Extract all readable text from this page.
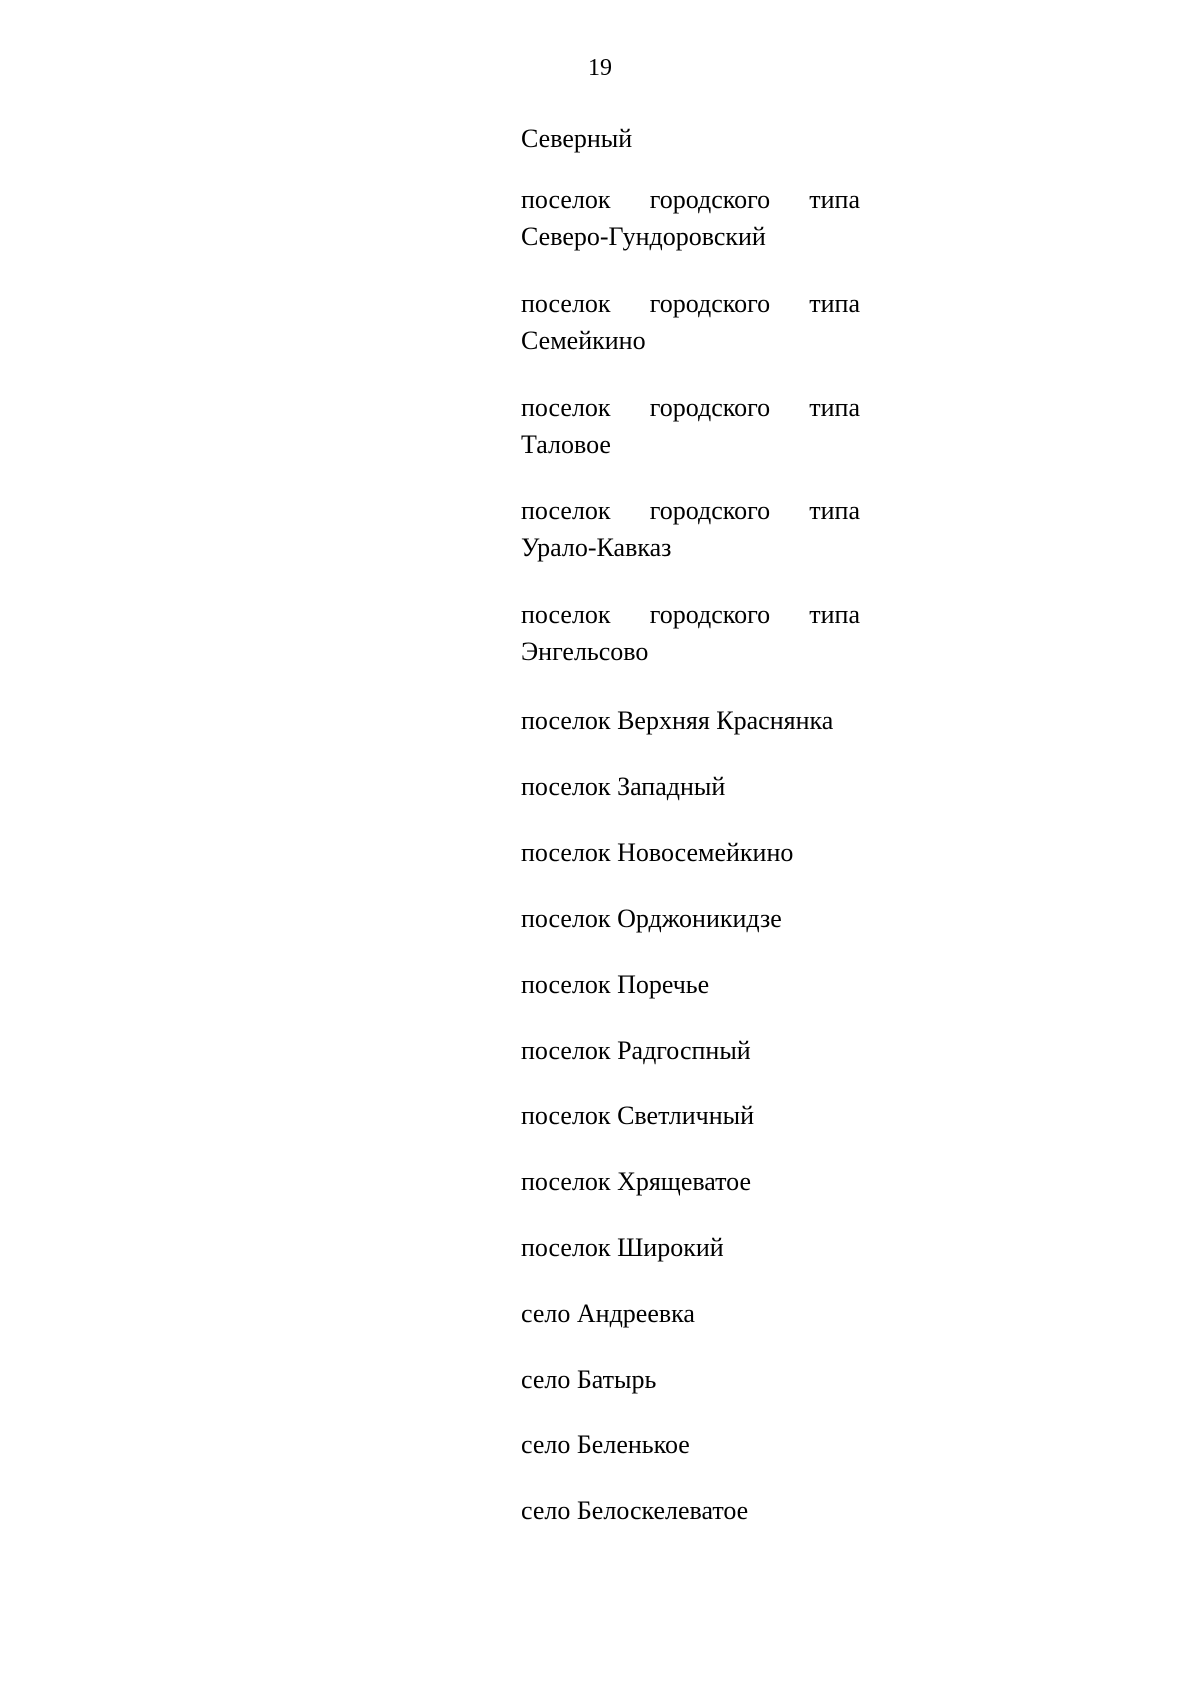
19
Северный
поселок городского типа
Северо-Гундоровский
поселок городского типа
Семейкино
поселок городского типа
Таловое
поселок городского типа
Урало-Кавказ
поселок городского типа
Энгельсово
поселок Верхняя Краснянка
поселок Западный
поселок Новосемейкино
поселок Орджоникидзе
поселок Поречье
поселок Радгоспный
поселок Светличный
поселок Хрящеватое
поселок Широкий
село Андреевка
село Батырь
село Беленькое
село Белоскелеватое
